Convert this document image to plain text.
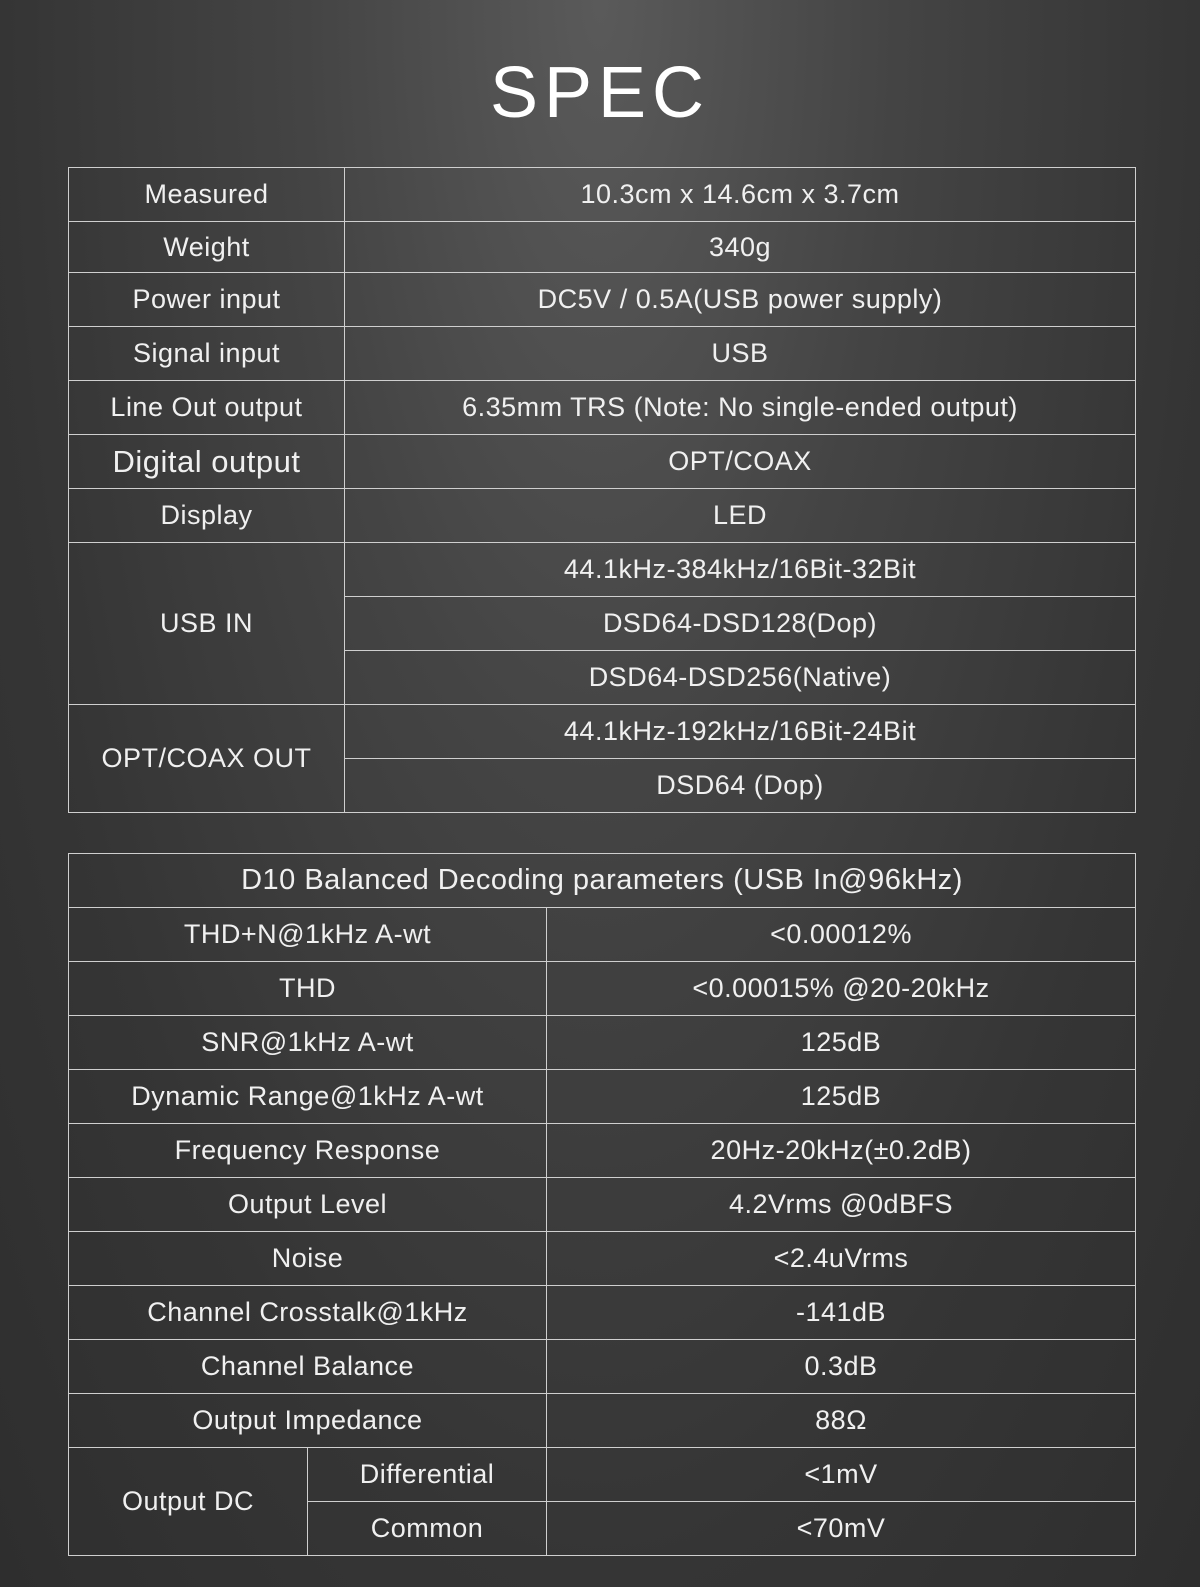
SPEC
Measured	10.3cm x 14.6cm x 3.7cm
Weight	340g
Power input	DC5V / 0.5A(USB power supply)
Signal input	USB
Line Out output	6.35mm TRS (Note: No single-ended output)
Digital output	OPT/COAX
Display	LED
USB IN	44.1kHz-384kHz/16Bit-32Bit
	DSD64-DSD128(Dop)
	DSD64-DSD256(Native)
OPT/COAX OUT	44.1kHz-192kHz/16Bit-24Bit
	DSD64 (Dop)
D10 Balanced Decoding parameters (USB In@96kHz)		
THD+N@1kHz A-wt		<0.00012%
THD		<0.00015% @20-20kHz
SNR@1kHz A-wt		125dB
Dynamic Range@1kHz A-wt		125dB
Frequency Response		20Hz-20kHz(±0.2dB)
Output Level		4.2Vrms @0dBFS
Noise		<2.4uVrms
Channel Crosstalk@1kHz		-141dB
Channel Balance		0.3dB
Output Impedance		88Ω
Output DC	Differential	<1mV
	Common	<70mV
